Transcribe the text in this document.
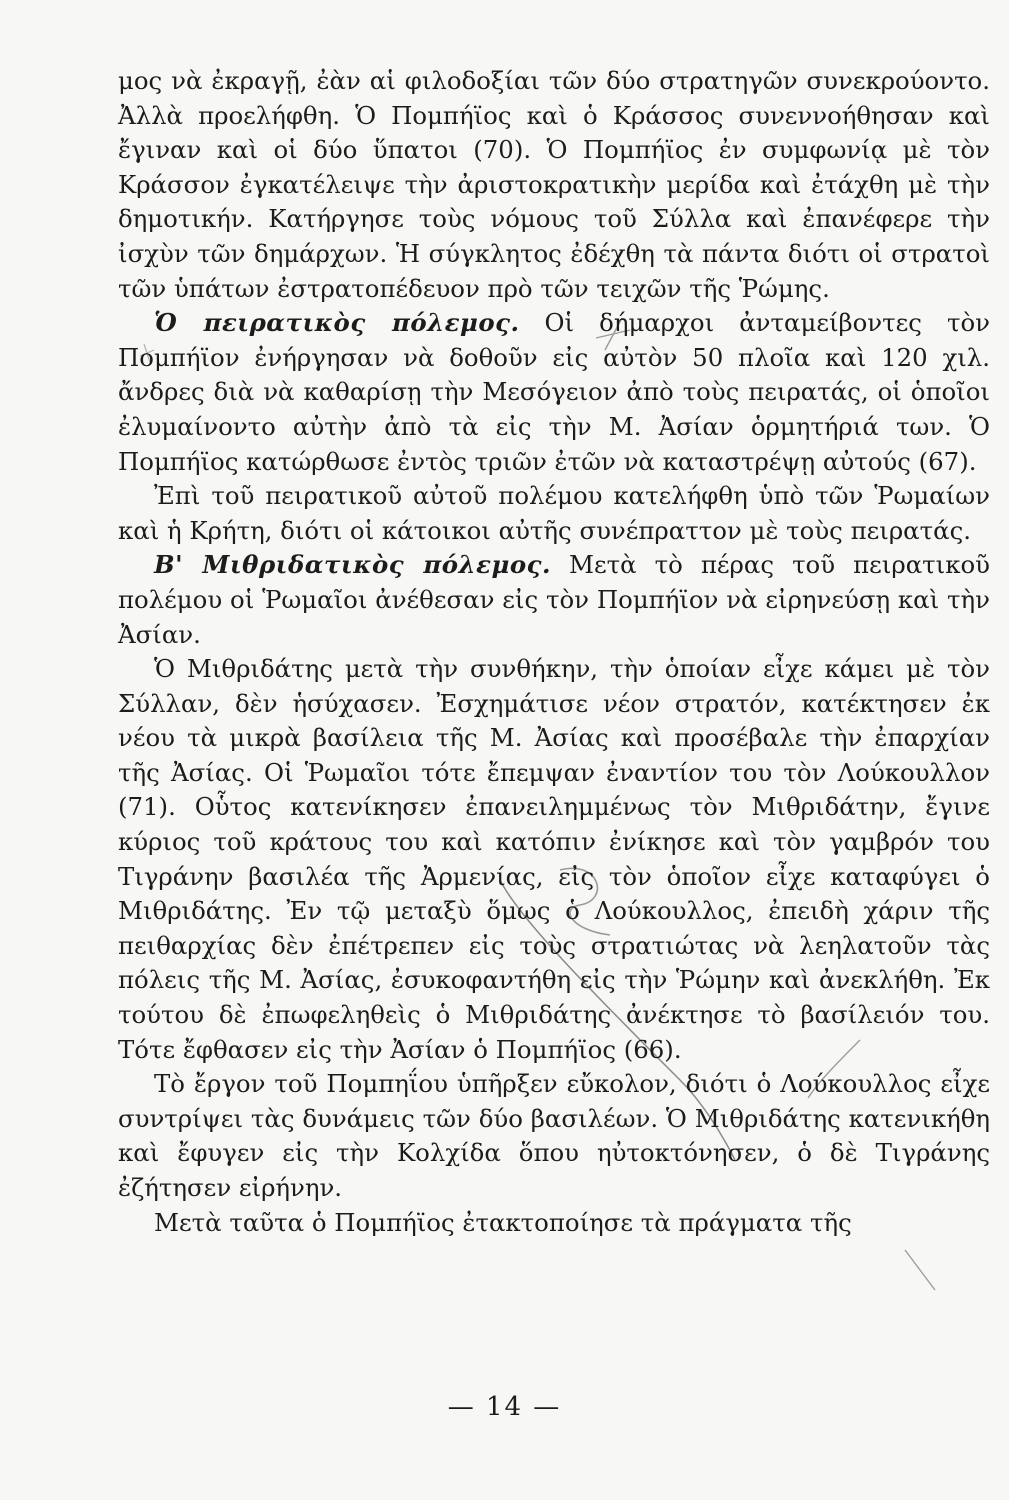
μος νὰ ἐκραγῇ, ἐὰν αἱ φιλοδοξίαι τῶν δύο στρατηγῶν συνεκρούοντο. Ἀλλὰ προελήφθη. Ὁ Πομπήϊος καὶ ὁ Κράσσος συνεννοήθησαν καὶ ἔγιναν καὶ οἱ δύο ὕπατοι (70). Ὁ Πομπήϊος ἐν συμφωνίᾳ μὲ τὸν Κράσσον ἐγκατέλειψε τὴν ἀριστοκρατικὴν μερίδα καὶ ἐτάχθη μὲ τὴν δημοτικήν. Κατήργησε τοὺς νόμους τοῦ Σύλλα καὶ ἐπανέφερε τὴν ἰσχὺν τῶν δημάρχων. Ἡ σύγκλητος ἐδέχθη τὰ πάντα διότι οἱ στρατοὶ τῶν ὑπάτων ἐστρατοπέδευον πρὸ τῶν τειχῶν τῆς Ῥώμης.

Ὁ πειρατικὸς πόλεμος. Οἱ δήμαρχοι ἀνταμείβοντες τὸν Πομπήϊον ἐνήργησαν νὰ δοθοῦν εἰς αὐτὸν 50 πλοῖα καὶ 120 χιλ. ἄνδρες διὰ νὰ καθαρίσῃ τὴν Μεσόγειον ἀπὸ τοὺς πειρατάς, οἱ ὁποῖοι ἐλυμαίνοντο αὐτὴν ἀπὸ τὰ εἰς τὴν Μ. Ἀσίαν ὁρμητήριά των. Ὁ Πομπήϊος κατώρθωσε ἐντὸς τριῶν ἐτῶν νὰ καταστρέψῃ αὐτούς (67).

Ἐπὶ τοῦ πειρατικοῦ αὐτοῦ πολέμου κατελήφθη ὑπὸ τῶν Ῥωμαίων καὶ ἡ Κρήτη, διότι οἱ κάτοικοι αὐτῆς συνέπραττον μὲ τοὺς πειρατάς.

Β' Μιθριδατικὸς πόλεμος. Μετὰ τὸ πέρας τοῦ πειρατικοῦ πολέμου οἱ Ῥωμαῖοι ἀνέθεσαν εἰς τὸν Πομπήϊον νὰ εἰρηνεύσῃ καὶ τὴν Ἀσίαν.

Ὁ Μιθριδάτης μετὰ τὴν συνθήκην, τὴν ὁποίαν εἶχε κάμει μὲ τὸν Σύλλαν, δὲν ἡσύχασεν. Ἐσχημάτισε νέον στρατόν, κατέκτησεν ἐκ νέου τὰ μικρὰ βασίλεια τῆς Μ. Ἀσίας καὶ προσέβαλε τὴν ἐπαρχίαν τῆς Ἀσίας. Οἱ Ῥωμαῖοι τότε ἔπεμψαν ἐναντίον του τὸν Λούκουλλον (71). Οὗτος κατενίκησεν ἐπανειλημμένως τὸν Μιθριδάτην, ἔγινε κύριος τοῦ κράτους του καὶ κατόπιν ἐνίκησε καὶ τὸν γαμβρόν του Τιγράνην βασιλέα τῆς Ἀρμενίας, εἰς τὸν ὁποῖον εἶχε καταφύγει ὁ Μιθριδάτης. Ἐν τῷ μεταξὺ ὅμως ὁ Λούκουλλος, ἐπειδὴ χάριν τῆς πειθαρχίας δὲν ἐπέτρεπεν εἰς τοὺς στρατιώτας νὰ λεηλατοῦν τὰς πόλεις τῆς Μ. Ἀσίας, ἐσυκοφαντήθη εἰς τὴν Ῥώμην καὶ ἀνεκλήθη. Ἐκ τούτου δὲ ἐπωφεληθεὶς ὁ Μιθριδάτης ἀνέκτησε τὸ βασίλειόν του. Τότε ἔφθασεν εἰς τὴν Ἀσίαν ὁ Πομπήϊος (66).

Τὸ ἔργον τοῦ Πομπηΐου ὑπῆρξεν εὔκολον, διότι ὁ Λούκουλλος εἶχε συντρίψει τὰς δυνάμεις τῶν δύο βασιλέων. Ὁ Μιθριδάτης κατενικήθη καὶ ἔφυγεν εἰς τὴν Κολχίδα ὅπου ηὐτοκτόνησεν, ὁ δὲ Τιγράνης ἐζήτησεν εἰρήνην.

Μετὰ ταῦτα ὁ Πομπήϊος ἐτακτοποίησε τὰ πράγματα τῆς

— 14 —
